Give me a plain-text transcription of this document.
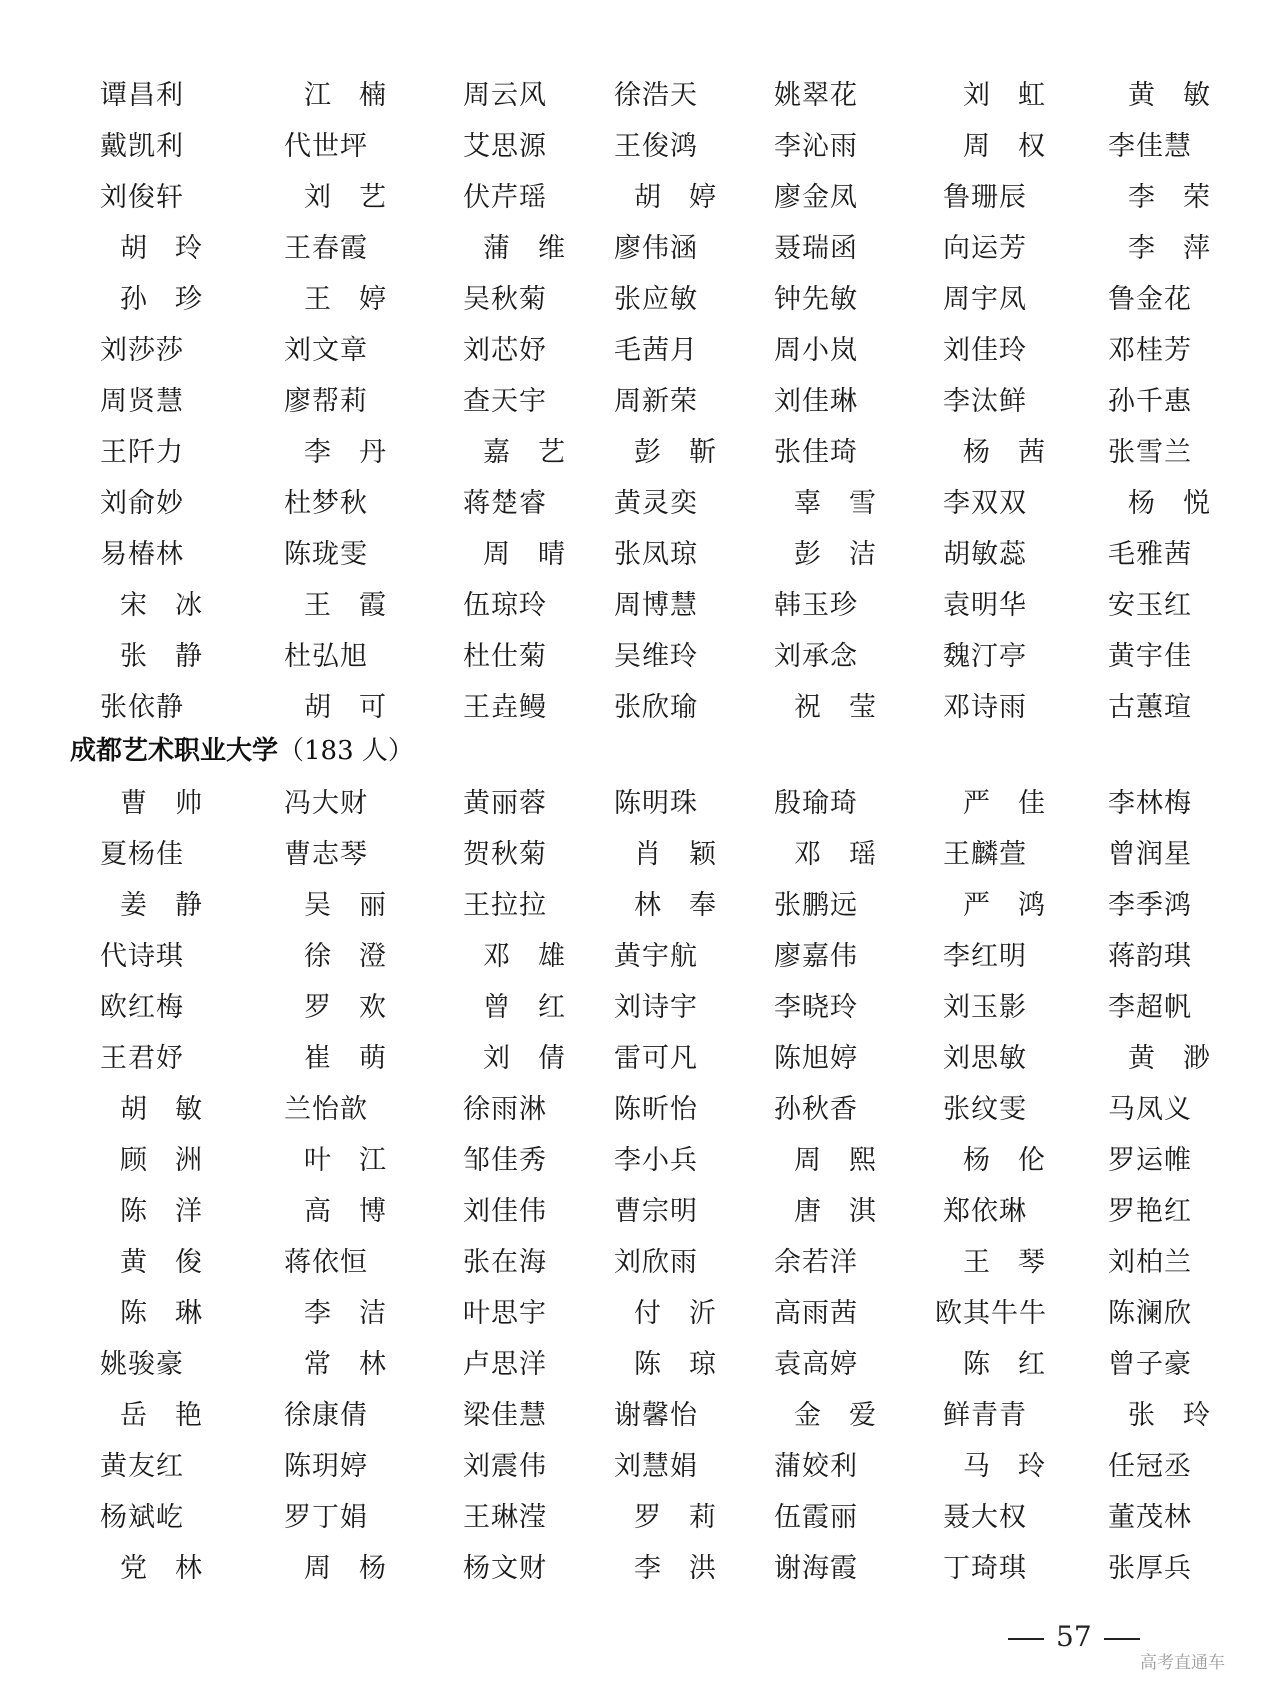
谭昌利	江楠 周云风 徐浩天	姚翠花	刘虹	黄敏
戴凯利	代世坪	艾思源 王俊鸿	李沁雨	周权 李佳慧
刘俊轩	刘艺 伏芹瑶	胡婷 廖金凤	鲁珊辰	李荣
胡玲 王春霞	蒲维 廖伟涵	聂瑞函	向运芳	李萍
孙珍	王婷 吴秋菊 张应敏	钟先敏	周宇凤	鲁金花
刘莎莎	刘文章	刘芯妤 毛茜月	周小岚	刘佳玲	邓桂芳
周贤慧	廖帮莉	查天宇 周新荣	刘佳琳	李汰鲜	孙千惠
王阡力	李丹	嘉艺	彭靳 张佳琦	杨茜 张雪兰
刘俞妙	杜梦秋	蒋楚睿 黄灵奕	辜雪 李双双	杨悦
易椿林	陈珑雯	周晴 张凤琼	彭洁 胡敏蕊	毛雅茜
宋冰	王霞 伍琼玲 周博慧	韩玉珍	袁明华	安玉红
张静 杜弘旭	杜仕菊 吴维玲	刘承念	魏汀亭	黄宇佳
张依静	胡可 王垚鳗 张欣瑜	祝莹 邓诗雨	古蕙瑄
成都艺术职业大学（183 人）
曹帅 冯大财	黄丽蓉 陈明珠	殷瑜琦	严佳 李林梅
夏杨佳	曹志琴	贺秋菊	肖颖	邓瑶 王麟萱	曾润星
姜静	吴丽 王拉拉	林奉 张鹏远	严鸿 李季鸿
代诗琪	徐澄	邓雄 黄宇航	廖嘉伟	李红明	蒋韵琪
欧红梅	罗欢	曾红 刘诗宇	李晓玲	刘玉影	李超帆
王君妤	崔萌	刘倩 雷可凡	陈旭婷	刘思敏	黄渺
胡敏 兰怡歆	徐雨淋 陈昕怡	孙秋香	张纹雯	马凤义
顾洲	叶江 邹佳秀 李小兵	周熙	杨伦 罗运帷
陈洋	高博 刘佳伟 曹宗明	唐淇 郑依琳	罗艳红
黄俊 蒋依恒	张在海 刘欣雨	余若洋	王琴 刘柏兰
陈琳	李洁 叶思宇	付沂 高雨茜	欧其牛牛 陈澜欣
姚骏豪	常林 卢思洋	陈琼 袁高婷	陈红 曾子豪
岳艳 徐康倩	梁佳慧 谢馨怡	金爱 鲜青青	张玲
黄友红	陈玥婷	刘震伟 刘慧娟	蒲姣利	马玲 任冠丞
杨斌屹	罗丁娟	王琳滢	罗莉 伍霞丽	聂大权	董茂林
党林	周杨 杨文财	李洪 谢海霞	丁琦琪	张厚兵
57
高考直通车
